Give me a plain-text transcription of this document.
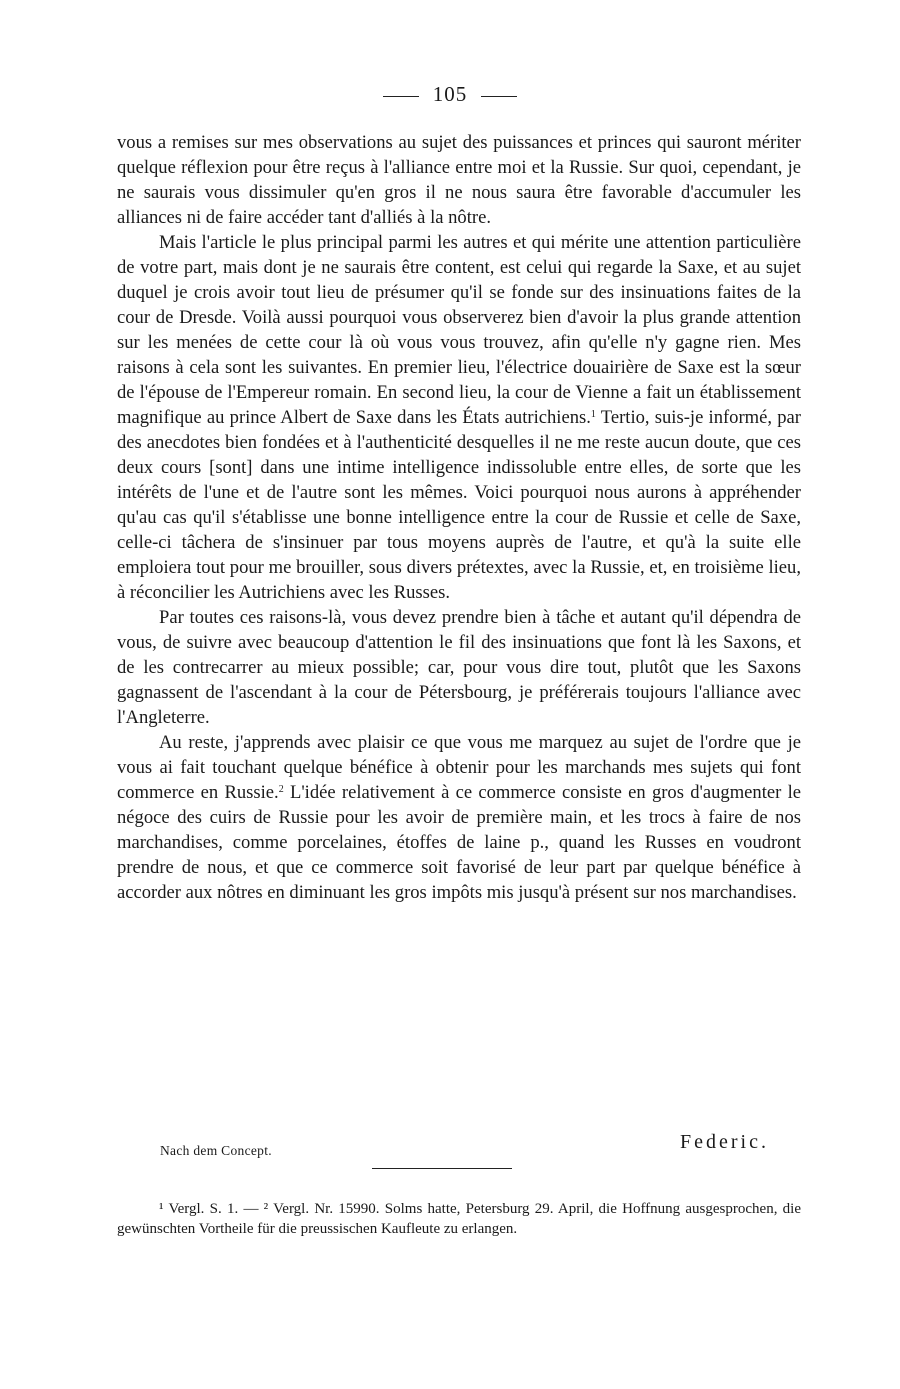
105

vous a remises sur mes observations au sujet des puissances et princes qui sauront mériter quelque réflexion pour être reçus à l'alliance entre moi et la Russie. Sur quoi, cependant, je ne saurais vous dissimuler qu'en gros il ne nous saura être favorable d'accumuler les alliances ni de faire accéder tant d'alliés à la nôtre.

Mais l'article le plus principal parmi les autres et qui mérite une attention particulière de votre part, mais dont je ne saurais être content, est celui qui regarde la Saxe, et au sujet duquel je crois avoir tout lieu de présumer qu'il se fonde sur des insinuations faites de la cour de Dresde. Voilà aussi pourquoi vous observerez bien d'avoir la plus grande attention sur les menées de cette cour là où vous vous trouvez, afin qu'elle n'y gagne rien. Mes raisons à cela sont les suivantes. En premier lieu, l'électrice douairière de Saxe est la sœur de l'épouse de l'Empereur romain. En second lieu, la cour de Vienne a fait un établissement magnifique au prince Albert de Saxe dans les États autrichiens.$^1$ Tertio, suis-je informé, par des anecdotes bien fondées et à l'authenticité desquelles il ne me reste aucun doute, que ces deux cours [sont] dans une intime intelligence indissoluble entre elles, de sorte que les intérêts de l'une et de l'autre sont les mêmes. Voici pourquoi nous aurons à appréhender qu'au cas qu'il s'établisse une bonne intelligence entre la cour de Russie et celle de Saxe, celle-ci tâchera de s'insinuer par tous moyens auprès de l'autre, et qu'à la suite elle emploiera tout pour me brouiller, sous divers prétextes, avec la Russie, et, en troisième lieu, à réconcilier les Autrichiens avec les Russes.

Par toutes ces raisons-là, vous devez prendre bien à tâche et autant qu'il dépendra de vous, de suivre avec beaucoup d'attention le fil des insinuations que font là les Saxons, et de les contrecarrer au mieux possible; car, pour vous dire tout, plutôt que les Saxons gagnassent de l'ascendant à la cour de Pétersbourg, je préférerais toujours l'alliance avec l'Angleterre.

Au reste, j'apprends avec plaisir ce que vous me marquez au sujet de l'ordre que je vous ai fait touchant quelque bénéfice à obtenir pour les marchands mes sujets qui font commerce en Russie.$^2$ L'idée relativement à ce commerce consiste en gros d'augmenter le négoce des cuirs de Russie pour les avoir de première main, et les trocs à faire de nos marchandises, comme porcelaines, étoffes de laine p., quand les Russes en voudront prendre de nous, et que ce commerce soit favorisé de leur part par quelque bénéfice à accorder aux nôtres en diminuant les gros impôts mis jusqu'à présent sur nos marchandises.

Nach dem Concept.	Federic.

¹ Vergl. S. 1. — ² Vergl. Nr. 15990. Solms hatte, Petersburg 29. April, die Hoffnung ausgesprochen, die gewünschten Vortheile für die preussischen Kaufleute zu erlangen.
